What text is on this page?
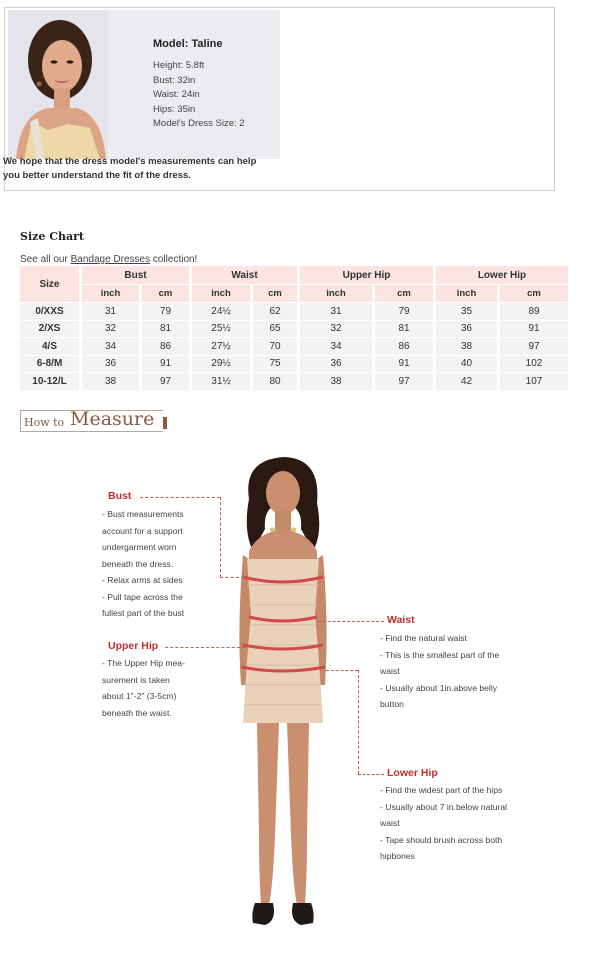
Model: Taline
Height: 5.8ft
Bust: 32in
Waist: 24in
Hips: 35in
Model's Dress Size: 2
We hope that the dress model's measurements can help
you better understand the fit of the dress.
Size Chart
See all our Bandage Dresses collection!
Size	Bust		Waist		Upper Hip		Lower Hip	
	inch	cm	inch	cm	inch	cm	inch	cm
0/XXS	31	79	24½	62	31	79	35	89
2/XS	32	81	25½	65	32	81	36	91
4/S	34	86	27½	70	34	86	38	97
6-8/M	36	91	29½	75	36	91	40	102
10-12/L	38	97	31½	80	38	97	42	107
How to Measure
Bust
- Bust measurements
account for a support
undergarment worn
beneath the dress.
- Relax arms at sides
- Pull tape across the
fullest part of the bust
Upper Hip
- The Upper Hip mea-
surement is taken
about 1"-2" (3-5cm)
beneath the waist.
Waist
- Find the natural waist
- This is the smallest part of the
waist
- Usually about 1in.above belly
button
Lower Hip
- Find the widest part of the hips
- Usually about 7 in.below natural
waist
- Tape should brush across both
hipbones
